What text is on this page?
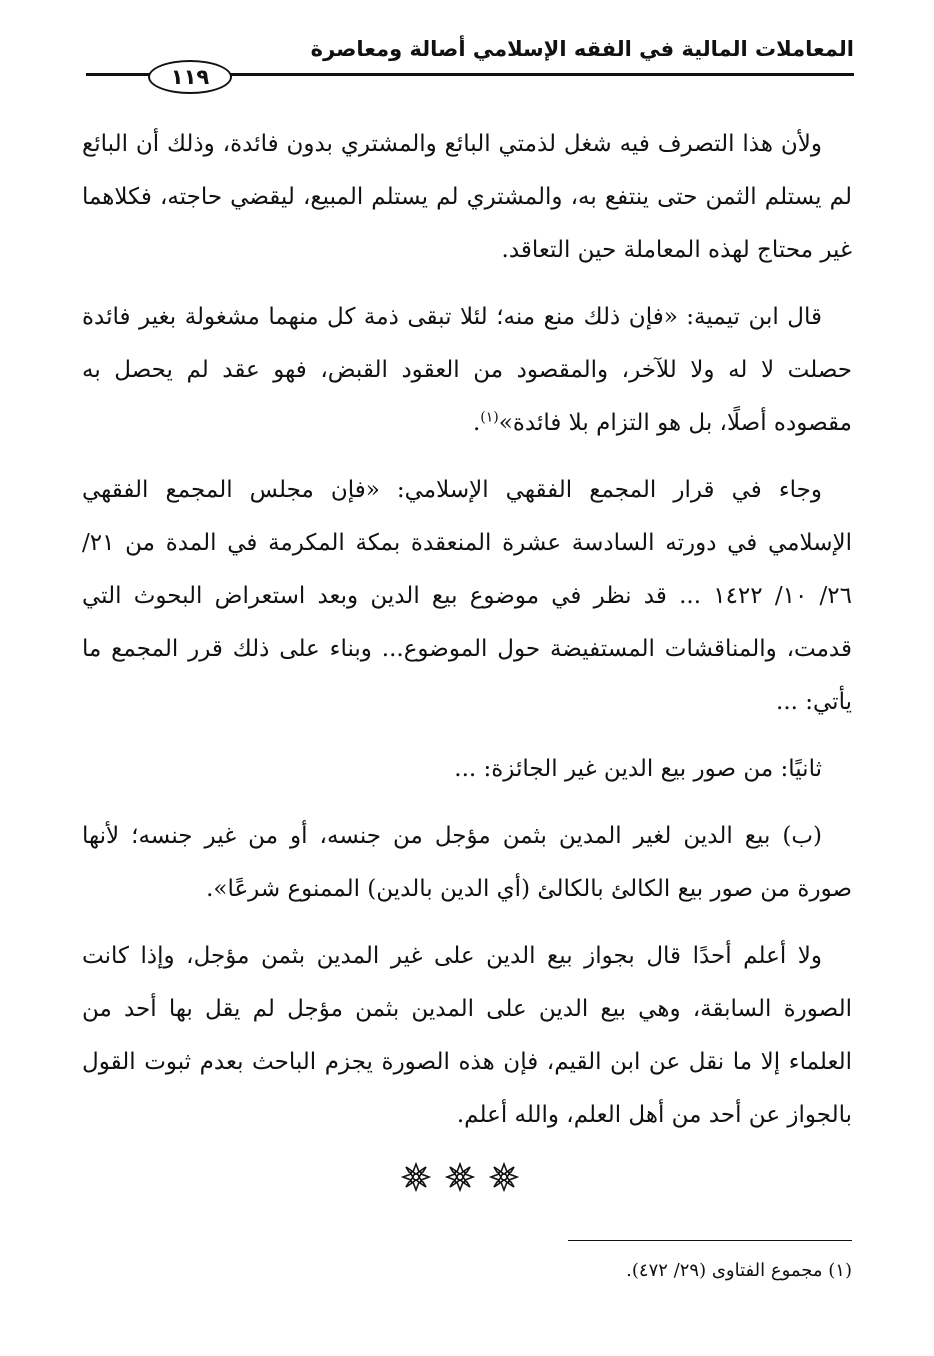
المعاملات المالية في الفقه الإسلامي أصالة ومعاصرة
١١٩

ولأن هذا التصرف فيه شغل لذمتي البائع والمشتري بدون فائدة، وذلك أن البائع لم يستلم الثمن حتى ينتفع به، والمشتري لم يستلم المبيع، ليقضي حاجته، فكلاهما غير محتاج لهذه المعاملة حين التعاقد.

قال ابن تيمية: «فإن ذلك منع منه؛ لئلا تبقى ذمة كل منهما مشغولة بغير فائدة حصلت لا له ولا للآخر، والمقصود من العقود القبض، فهو عقد لم يحصل به مقصوده أصلًا، بل هو التزام بلا فائدة»$^{(١)}$.

وجاء في قرار المجمع الفقهي الإسلامي: «فإن مجلس المجمع الفقهي الإسلامي في دورته السادسة عشرة المنعقدة بمكة المكرمة في المدة من ٢١/ ٢٦/ ١٠/ ١٤٢٢ ... قد نظر في موضوع بيع الدين وبعد استعراض البحوث التي قدمت، والمناقشات المستفيضة حول الموضوع... وبناء على ذلك قرر المجمع ما يأتي: ...

ثانيًا: من صور بيع الدين غير الجائزة: ...

(ب) بيع الدين لغير المدين بثمن مؤجل من جنسه، أو من غير جنسه؛ لأنها صورة من صور بيع الكالئ بالكالئ (أي الدين بالدين) الممنوع شرعًا».

ولا أعلم أحدًا قال بجواز بيع الدين على غير المدين بثمن مؤجل، وإذا كانت الصورة السابقة، وهي بيع الدين على المدين بثمن مؤجل لم يقل بها أحد من العلماء إلا ما نقل عن ابن القيم، فإن هذه الصورة يجزم الباحث بعدم ثبوت القول بالجواز عن أحد من أهل العلم، والله أعلم.

(١) مجموع الفتاوى (٢٩/ ٤٧٢).
